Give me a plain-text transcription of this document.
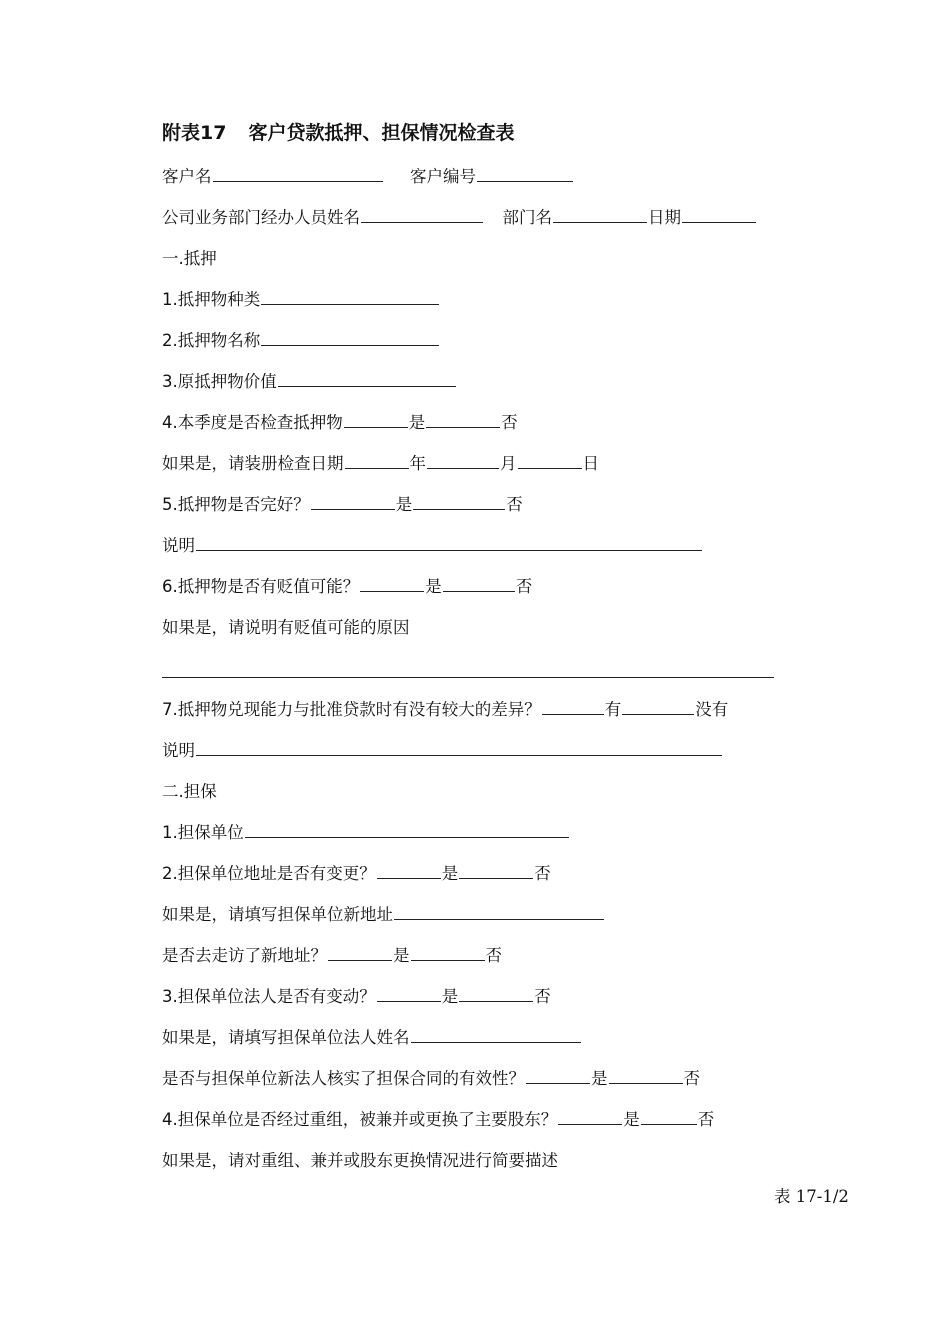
附表17 客户贷款抵押、担保情况检查表
客户名	客户编号
公司业务部门经办人员姓名	部门名	日期
一.抵押
1.抵押物种类
2.抵押物名称
3.原抵押物价值
4.本季度是否检查抵押物	是	否
如果是，请装册检查日期	年	月	日
5.抵押物是否完好？	是	否
说明
6.抵押物是否有贬值可能？	是	否
如果是，请说明有贬值可能的原因
7.抵押物兑现能力与批准贷款时有没有较大的差异？	有	没有
说明
二.担保
1.担保单位
2.担保单位地址是否有变更？	是	否
如果是，请填写担保单位新地址
是否去走访了新地址？	是	否
3.担保单位法人是否有变动？	是	否
如果是，请填写担保单位法人姓名
是否与担保单位新法人核实了担保合同的有效性？	是	否
4.担保单位是否经过重组，被兼并或更换了主要股东？	是	否
如果是，请对重组、兼并或股东更换情况进行简要描述
表 17-1/2
